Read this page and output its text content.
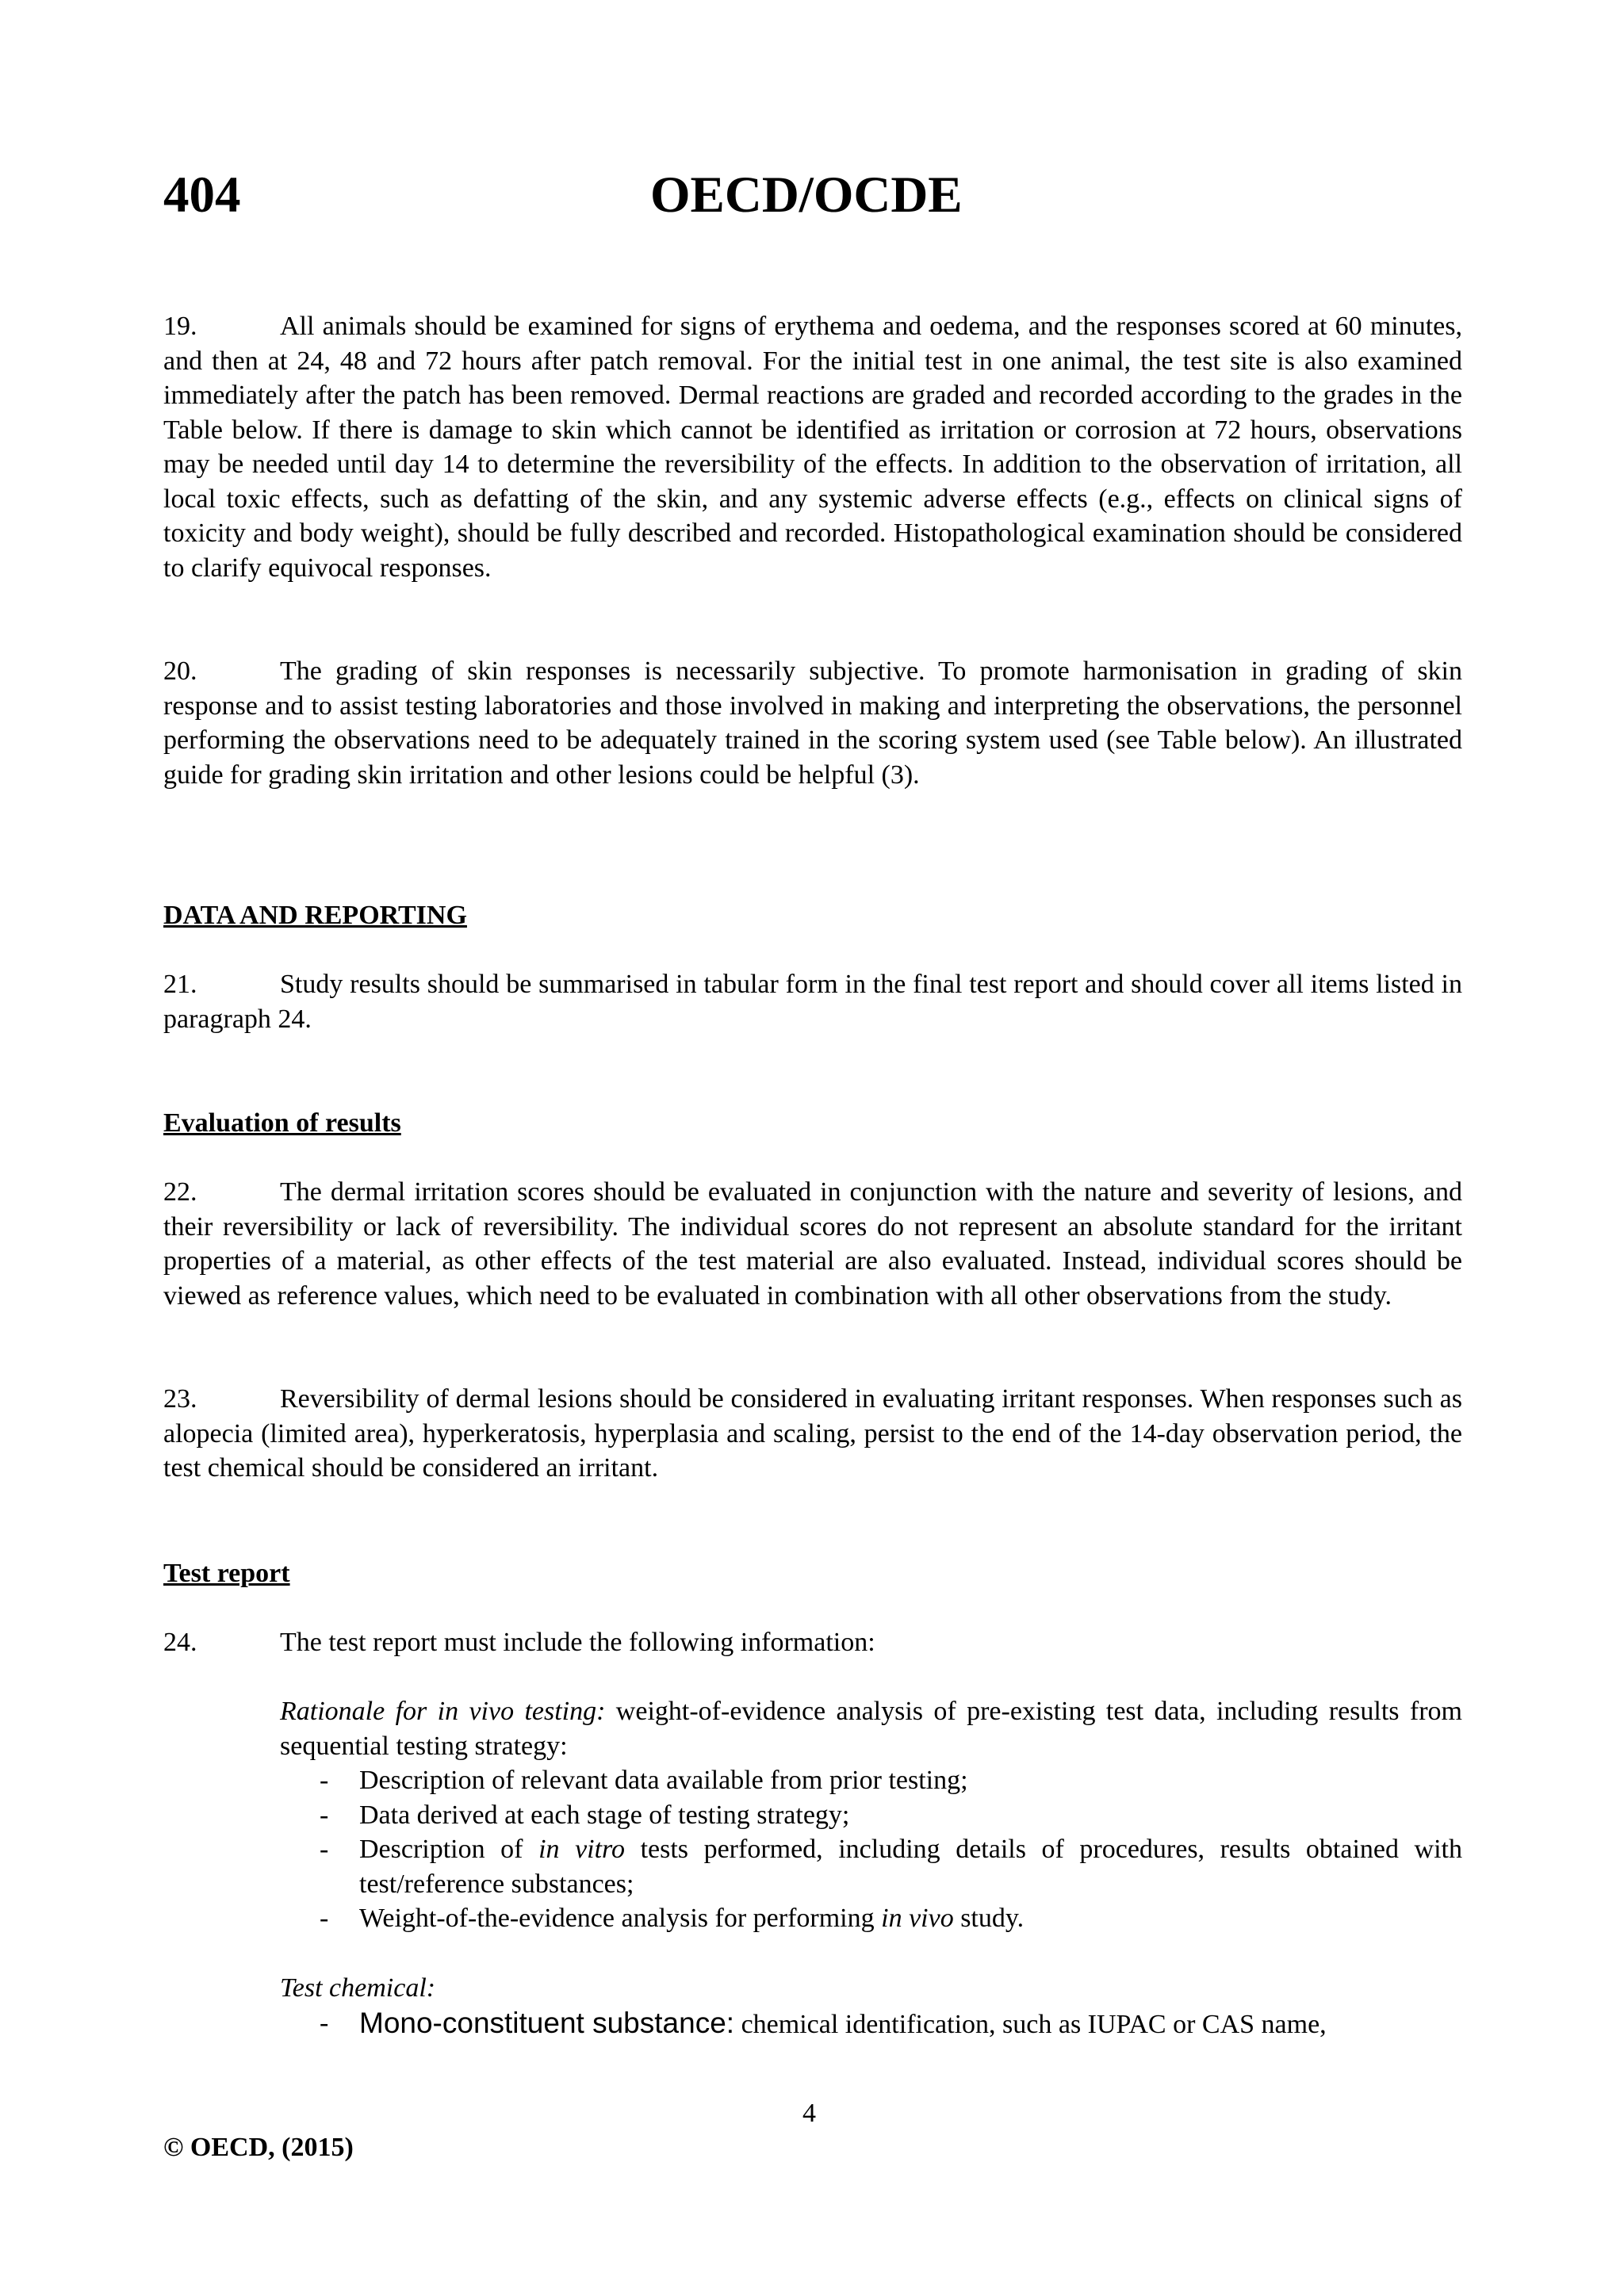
404	OECD/OCDE

19.	All animals should be examined for signs of erythema and oedema, and the responses scored at 60 minutes, and then at 24, 48 and 72 hours after patch removal. For the initial test in one animal, the test site is also examined immediately after the patch has been removed. Dermal reactions are graded and recorded according to the grades in the Table below. If there is damage to skin which cannot be identified as irritation or corrosion at 72 hours, observations may be needed until day 14 to determine the reversibility of the effects. In addition to the observation of irritation, all local toxic effects, such as defatting of the skin, and any systemic adverse effects (e.g., effects on clinical signs of toxicity and body weight), should be fully described and recorded. Histopathological examination should be considered to clarify equivocal responses.

20.	The grading of skin responses is necessarily subjective. To promote harmonisation in grading of skin response and to assist testing laboratories and those involved in making and interpreting the observations, the personnel performing the observations need to be adequately trained in the scoring system used (see Table below). An illustrated guide for grading skin irritation and other lesions could be helpful (3).

DATA AND REPORTING

21.	Study results should be summarised in tabular form in the final test report and should cover all items listed in paragraph 24.

Evaluation of results

22.	The dermal irritation scores should be evaluated in conjunction with the nature and severity of lesions, and their reversibility or lack of reversibility. The individual scores do not represent an absolute standard for the irritant properties of a material, as other effects of the test material are also evaluated. Instead, individual scores should be viewed as reference values, which need to be evaluated in combination with all other observations from the study.

23.	Reversibility of dermal lesions should be considered in evaluating irritant responses. When responses such as alopecia (limited area), hyperkeratosis, hyperplasia and scaling, persist to the end of the 14-day observation period, the test chemical should be considered an irritant.

Test report

24.	The test report must include the following information:

Rationale for in vivo testing: weight-of-evidence analysis of pre-existing test data, including results from sequential testing strategy:

- Description of relevant data available from prior testing;
- Data derived at each stage of testing strategy;
- Description of in vitro tests performed, including details of procedures, results obtained with test/reference substances;
- Weight-of-the-evidence analysis for performing in vivo study.

Test chemical:

- Mono-constituent substance: chemical identification, such as IUPAC or CAS name,
4
© OECD, (2015)
